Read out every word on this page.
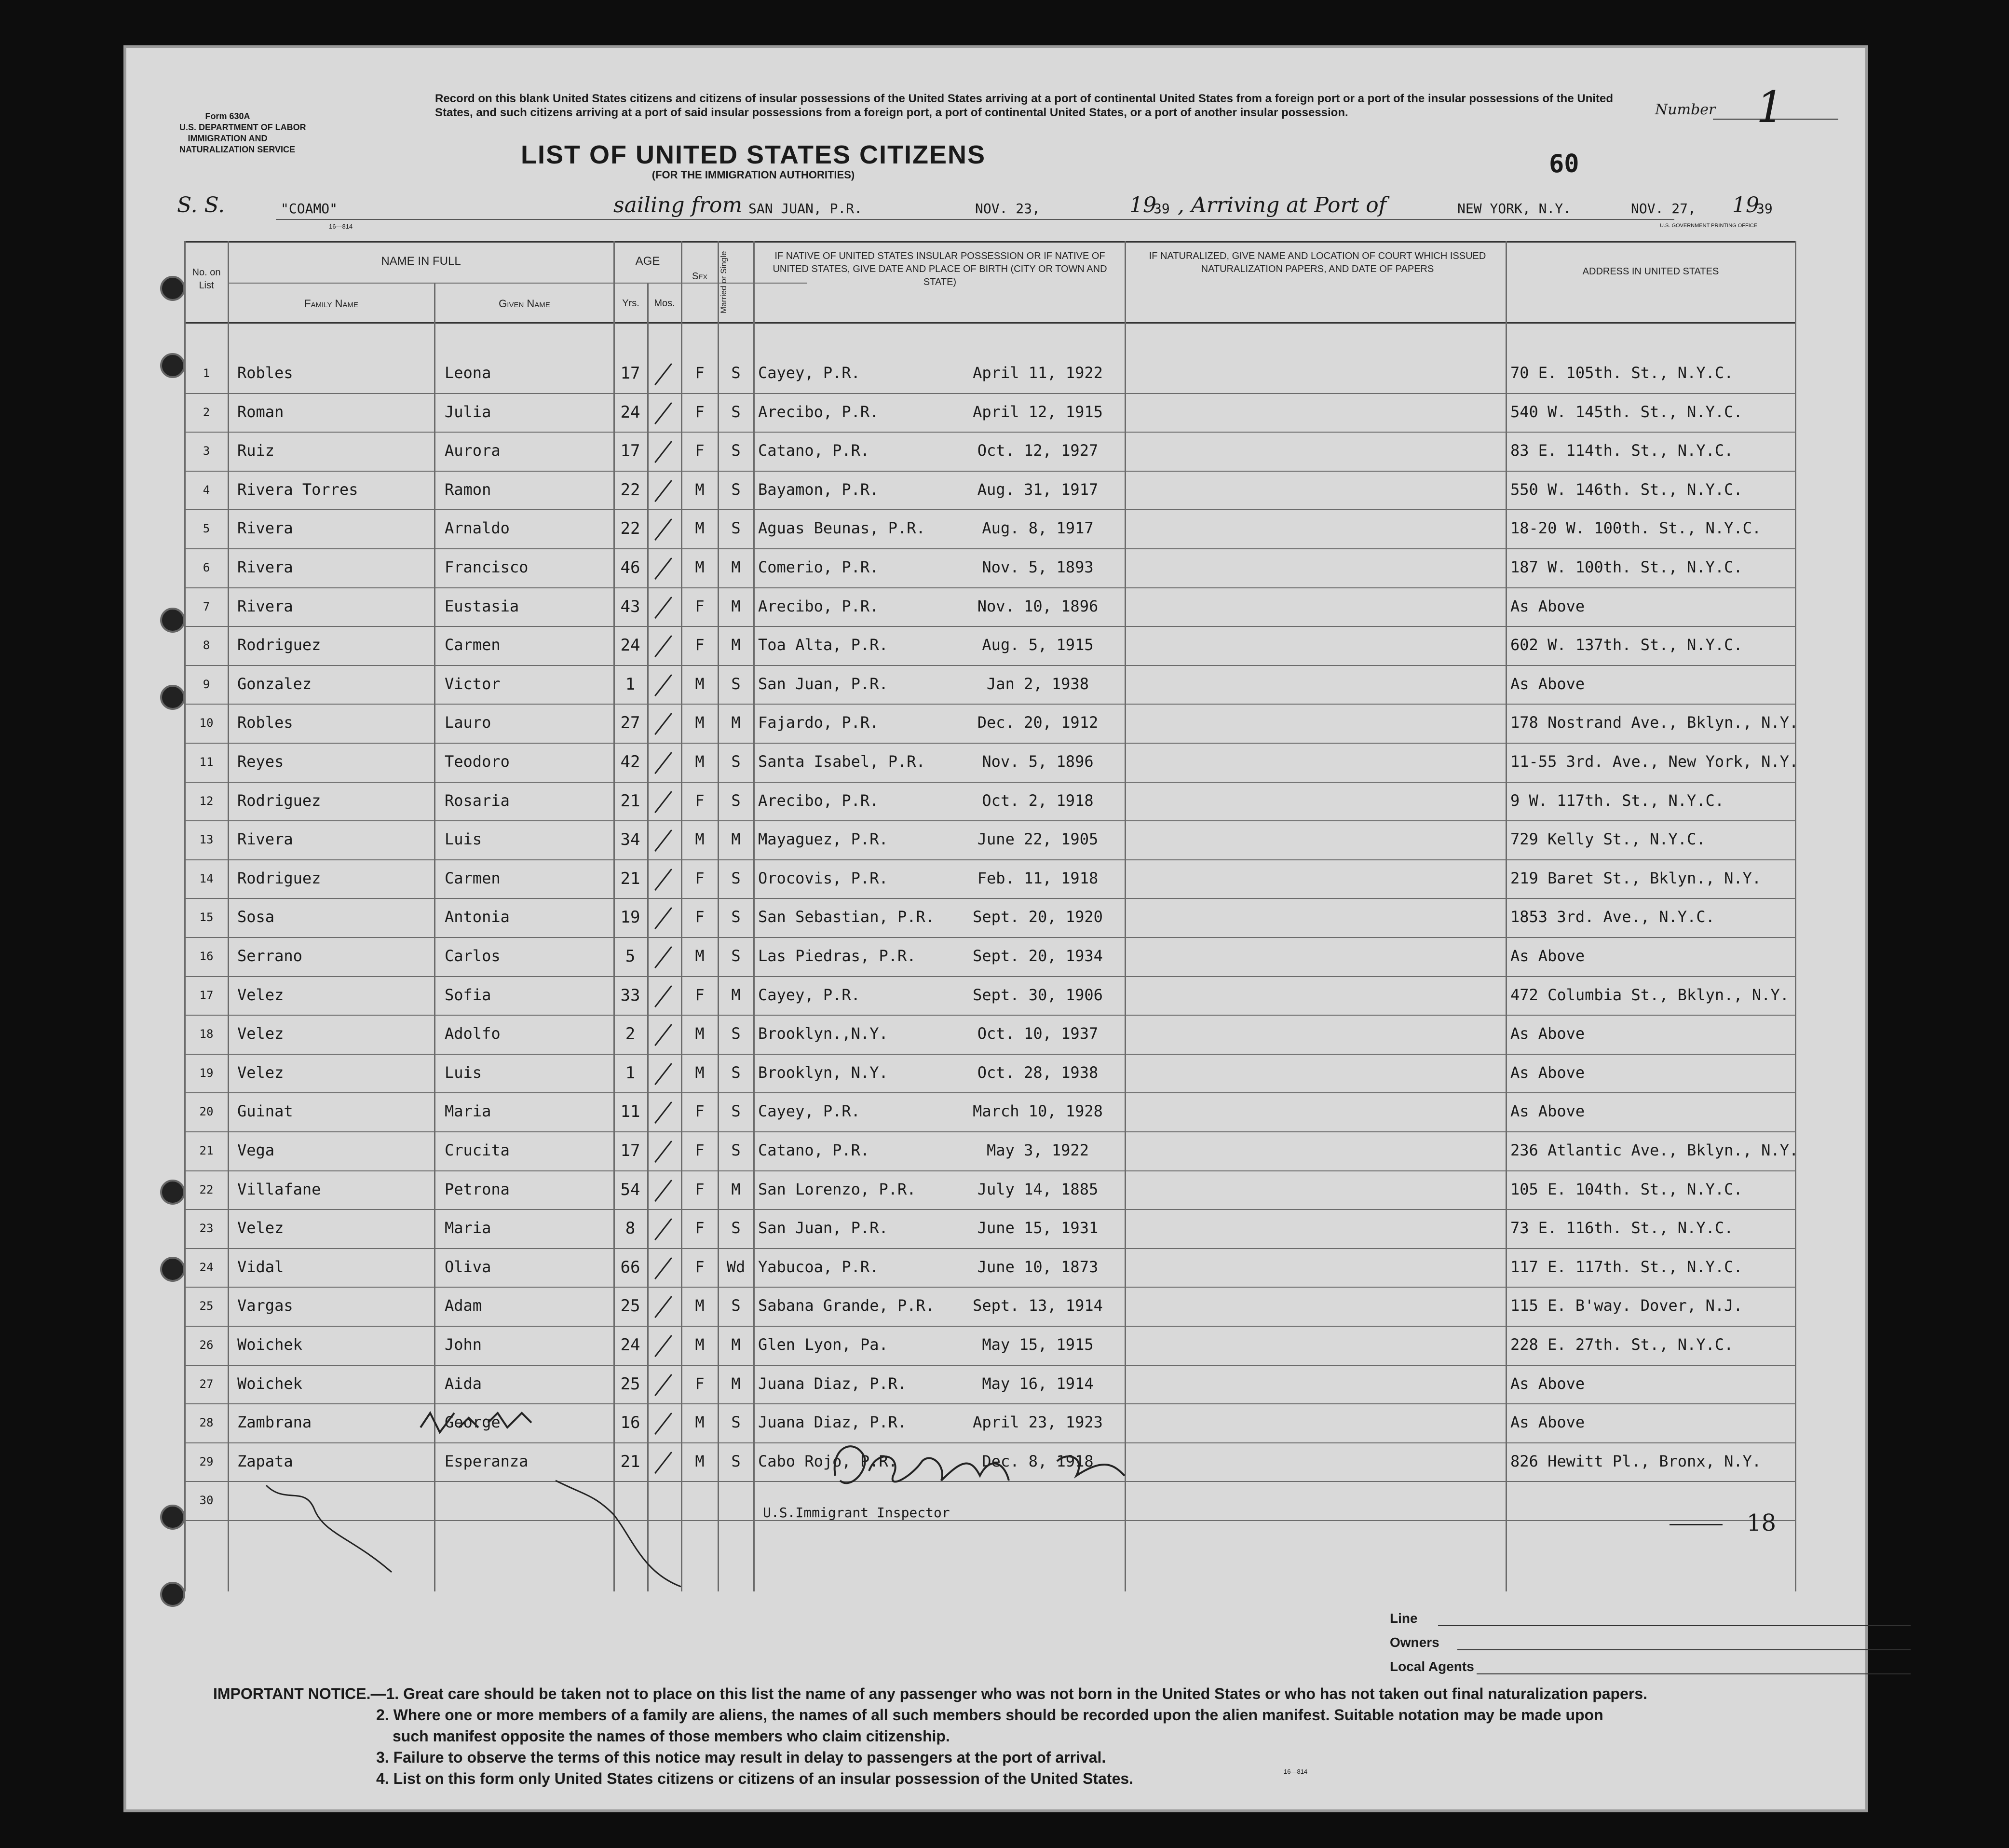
Form 630A
U.S. DEPARTMENT OF LABOR
IMMIGRATION AND
NATURALIZATION SERVICE
Record on this blank United States citizens and citizens of insular possessions of the United States arriving at a port of continental United States from a foreign port or a port of the insular possessions of the United States, and such citizens arriving at a port of said insular possessions from a foreign port, a port of continental United States, or a port of another insular possession.	Number 1
LIST OF UNITED STATES CITIZENS
(FOR THE IMMIGRATION AUTHORITIES)	60
S. S.	"COAMO"	sailing from SAN JUAN, P.R.	NOV. 23,	19
39 , Arriving at Port of	NEW YORK, N.Y.	NOV. 27, 19
39
16—814	U.S. GOVERNMENT PRINTING OFFICE
No. on List
NAME IN FULL
Family Name	Given Name
AGE
Yrs.	Mos.
Sex	Married or Single	IF NATIVE OF UNITED STATES INSULAR POSSESSION OR IF NATIVE OF UNITED STATES, GIVE DATE AND PLACE OF BIRTH (CITY OR TOWN AND STATE)
IF NATURALIZED, GIVE NAME AND LOCATION OF COURT WHICH ISSUED NATURALIZATION PAPERS, AND DATE OF PAPERS	ADDRESS IN UNITED STATES
1	Robles	Leona	17	F	S	Cayey, P.R.	April 11, 1922	70 E. 105th. St., N.Y.C.
2	Roman	Julia	24	F	S	Arecibo, P.R.	April 12, 1915	540 W. 145th. St., N.Y.C.
3	Ruiz	Aurora	17	F	S	Catano, P.R.	Oct. 12, 1927	83 E. 114th. St., N.Y.C.
4	Rivera Torres	Ramon	22	M	S	Bayamon, P.R.	Aug. 31, 1917	550 W. 146th. St., N.Y.C.
5	Rivera	Arnaldo	22	M	S	Aguas Beunas, P.R.	Aug. 8, 1917	18-20 W. 100th. St., N.Y.C.
6	Rivera	Francisco	46	M	M	Comerio, P.R.	Nov. 5, 1893	187 W. 100th. St., N.Y.C.
7	Rivera	Eustasia	43	F	M	Arecibo, P.R.	Nov. 10, 1896	As Above
8	Rodriguez	Carmen	24	F	M	Toa Alta, P.R.	Aug. 5, 1915	602 W. 137th. St., N.Y.C.
9	Gonzalez	Victor	1	M	S	San Juan, P.R.	Jan 2, 1938	As Above
10	Robles	Lauro	27	M	M	Fajardo, P.R.	Dec. 20, 1912	178 Nostrand Ave., Bklyn., N.Y.
11	Reyes	Teodoro	42	M	S	Santa Isabel, P.R.	Nov. 5, 1896	11-55 3rd. Ave., New York, N.Y.
12	Rodriguez	Rosaria	21	F	S	Arecibo, P.R.	Oct. 2, 1918	9 W. 117th. St., N.Y.C.
13	Rivera	Luis	34	M	M	Mayaguez, P.R.	June 22, 1905	729 Kelly St., N.Y.C.
14	Rodriguez	Carmen	21	F	S	Orocovis, P.R.	Feb. 11, 1918	219 Baret St., Bklyn., N.Y.
15	Sosa	Antonia	19	F	S	San Sebastian, P.R.	Sept. 20, 1920	1853 3rd. Ave., N.Y.C.
16	Serrano	Carlos	5	M	S	Las Piedras, P.R.	Sept. 20, 1934	As Above
17	Velez	Sofia	33	F	M	Cayey, P.R.	Sept. 30, 1906	472 Columbia St., Bklyn., N.Y.
18	Velez	Adolfo	2	M	S	Brooklyn.,N.Y.	Oct. 10, 1937	As Above
19	Velez	Luis	1	M	S	Brooklyn, N.Y.	Oct. 28, 1938	As Above
20	Guinat	Maria	11	F	S	Cayey, P.R.	March 10, 1928	As Above
21	Vega	Crucita	17	F	S	Catano, P.R.	May 3, 1922	236 Atlantic Ave., Bklyn., N.Y.
22	Villafane	Petrona	54	F	M	San Lorenzo, P.R.	July 14, 1885	105 E. 104th. St., N.Y.C.
23	Velez	Maria	8	F	S	San Juan, P.R.	June 15, 1931	73 E. 116th. St., N.Y.C.
24	Vidal	Oliva	66	F	Wd Yabucoa, P.R.	June 10, 1873	117 E. 117th. St., N.Y.C.
25	Vargas	Adam	25	M	S	Sabana Grande, P.R.	Sept. 13, 1914	115 E. B'way. Dover, N.J.
26	Woichek	John	24	M	M	Glen Lyon, Pa.	May 15, 1915	228 E. 27th. St., N.Y.C.
27	Woichek	Aida	25	F	M	Juana Diaz, P.R.	May 16, 1914	As Above
28	Zambrana	George	16	M	S	Juana Diaz, P.R.	April 23, 1923	As Above
29	Zapata	Esperanza	21	M	S	Cabo Rojo, P.R.	Dec. 8, 1918	826 Hewitt Pl., Bronx, N.Y.
30
U.S.Immigrant Inspector	18
Line
Owners
Local Agents
IMPORTANT NOTICE.—1. Great care should be taken not to place on this list the name of any passenger who was not born in the United States or who has not taken out final naturalization papers.
2. Where one or more members of a family are aliens, the names of all such members should be recorded upon the alien manifest. Suitable notation may be made upon
such manifest opposite the names of those members who claim citizenship.
3. Failure to observe the terms of this notice may result in delay to passengers at the port of arrival.
4. List on this form only United States citizens or citizens of an insular possession of the United States.	16—814
